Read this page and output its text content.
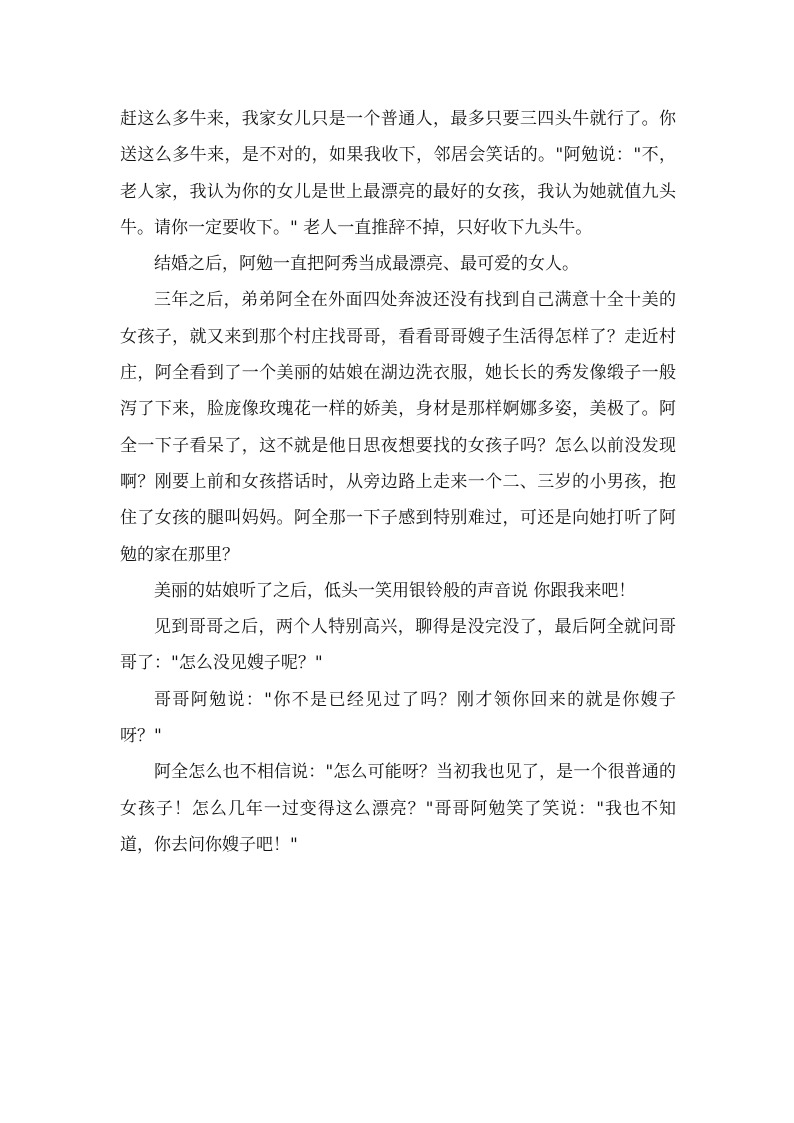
赶这么多牛来，我家女儿只是一个普通人，最多只要三四头牛就行了。你送这么多牛来，是不对的，如果我收下，邻居会笑话的。"阿勉说："不，老人家，我认为你的女儿是世上最漂亮的最好的女孩，我认为她就值九头牛。请你一定要收下。" 老人一直推辞不掉，只好收下九头牛。

结婚之后，阿勉一直把阿秀当成最漂亮、最可爱的女人。

三年之后，弟弟阿全在外面四处奔波还没有找到自己满意十全十美的女孩子，就又来到那个村庄找哥哥，看看哥哥嫂子生活得怎样了？走近村庄，阿全看到了一个美丽的姑娘在湖边洗衣服，她长长的秀发像缎子一般泻了下来，脸庞像玫瑰花一样的娇美，身材是那样婀娜多姿，美极了。阿全一下子看呆了，这不就是他日思夜想要找的女孩子吗？怎么以前没发现啊？刚要上前和女孩搭话时，从旁边路上走来一个二、三岁的小男孩，抱住了女孩的腿叫妈妈。阿全那一下子感到特别难过，可还是向她打听了阿勉的家在那里？

美丽的姑娘听了之后，低头一笑用银铃般的声音说 你跟我来吧！

见到哥哥之后，两个人特别高兴，聊得是没完没了，最后阿全就问哥哥了："怎么没见嫂子呢？"

哥哥阿勉说："你不是已经见过了吗？刚才领你回来的就是你嫂子呀？"

阿全怎么也不相信说："怎么可能呀？当初我也见了，是一个很普通的女孩子！怎么几年一过变得这么漂亮？"哥哥阿勉笑了笑说："我也不知道，你去问你嫂子吧！"
